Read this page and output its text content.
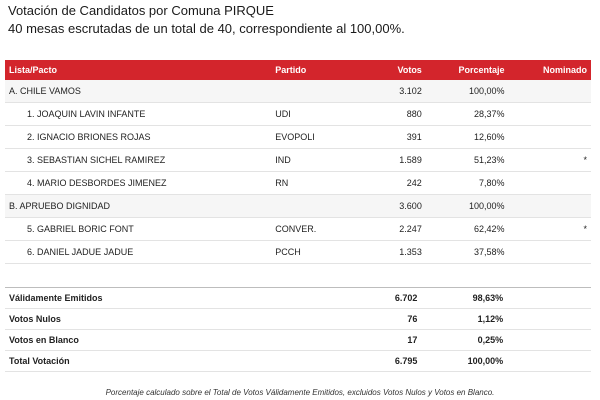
Votación de Candidatos por Comuna PIRQUE
40 mesas escrutadas de un total de 40, correspondiente al 100,00%.
Lista/Pacto	Partido	Votos	Porcentaje	Nominado
A. CHILE VAMOS		3.102	100,00%	
1. JOAQUIN LAVIN INFANTE	UDI	880	28,37%	
2. IGNACIO BRIONES ROJAS	EVOPOLI	391	12,60%	
3. SEBASTIAN SICHEL RAMIREZ	IND	1.589	51,23%	*
4. MARIO DESBORDES JIMENEZ	RN	242	7,80%	
B. APRUEBO DIGNIDAD		3.600	100,00%	
5. GABRIEL BORIC FONT	CONVER.	2.247	62,42%	*
6. DANIEL JADUE JADUE	PCCH	1.353	37,58%	
Válidamente Emitidos	6.702	98,63%	
Votos Nulos	76	1,12%	
Votos en Blanco	17	0,25%	
Total Votación	6.795	100,00%	
Porcentaje calculado sobre el Total de Votos Válidamente Emitidos, excluidos Votos Nulos y Votos en Blanco.
